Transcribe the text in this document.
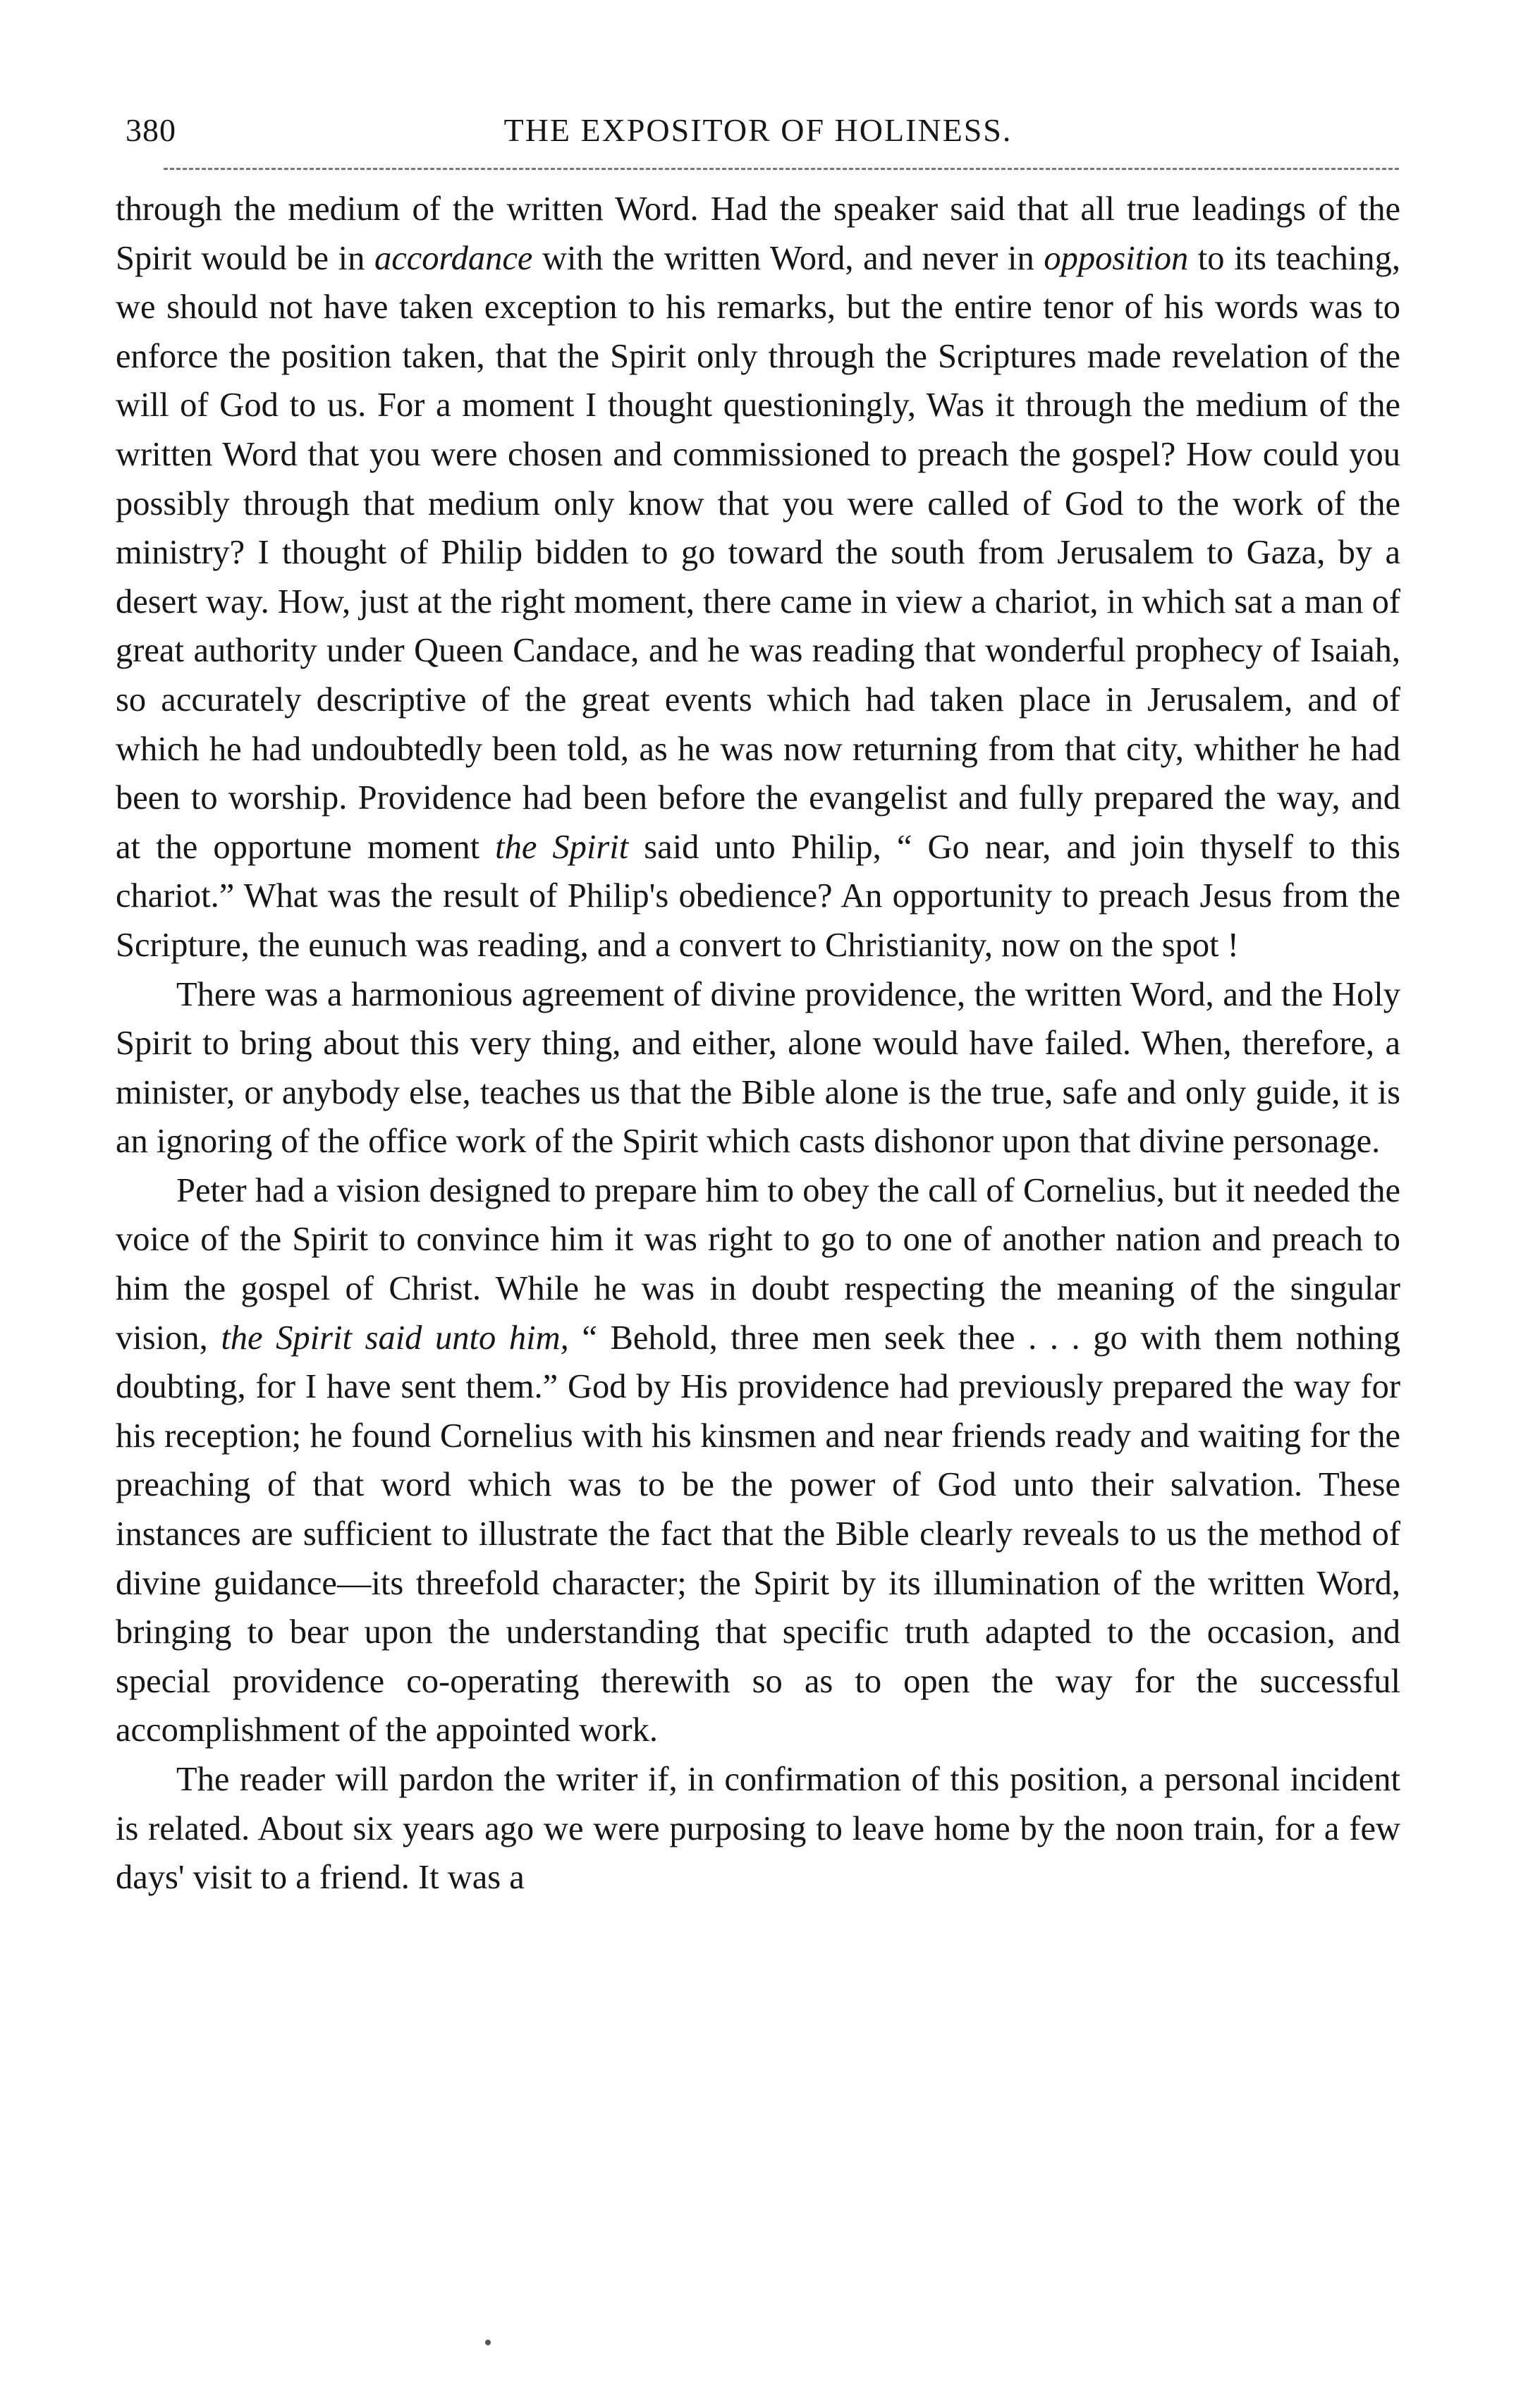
380	THE EXPOSITOR OF HOLINESS.

through the medium of the written Word. Had the speaker said that all true leadings of the Spirit would be in accordance with the written Word, and never in opposition to its teaching, we should not have taken exception to his remarks, but the entire tenor of his words was to enforce the position taken, that the Spirit only through the Scriptures made revelation of the will of God to us. For a moment I thought questioningly, Was it through the medium of the written Word that you were chosen and commissioned to preach the gospel? How could you possibly through that medium only know that you were called of God to the work of the ministry? I thought of Philip bidden to go toward the south from Jerusalem to Gaza, by a desert way. How, just at the right moment, there came in view a chariot, in which sat a man of great authority under Queen Candace, and he was reading that wonderful prophecy of Isaiah, so accurately descriptive of the great events which had taken place in Jerusalem, and of which he had undoubtedly been told, as he was now returning from that city, whither he had been to worship. Providence had been before the evangelist and fully prepared the way, and at the opportune moment the Spirit said unto Philip, “ Go near, and join thyself to this chariot.” What was the result of Philip's obedience? An opportunity to preach Jesus from the Scripture, the eunuch was reading, and a convert to Christianity, now on the spot !

There was a harmonious agreement of divine providence, the written Word, and the Holy Spirit to bring about this very thing, and either, alone would have failed. When, therefore, a minister, or anybody else, teaches us that the Bible alone is the true, safe and only guide, it is an ignoring of the office work of the Spirit which casts dishonor upon that divine personage.

Peter had a vision designed to prepare him to obey the call of Cornelius, but it needed the voice of the Spirit to convince him it was right to go to one of another nation and preach to him the gospel of Christ. While he was in doubt respecting the meaning of the singular vision, the Spirit said unto him, “ Behold, three men seek thee . . . go with them nothing doubting, for I have sent them.” God by His providence had previously prepared the way for his reception; he found Cornelius with his kinsmen and near friends ready and waiting for the preaching of that word which was to be the power of God unto their salvation. These instances are sufficient to illustrate the fact that the Bible clearly reveals to us the method of divine guidance—its threefold character; the Spirit by its illumination of the written Word, bringing to bear upon the understanding that specific truth adapted to the occasion, and special providence co-operating therewith so as to open the way for the successful accomplishment of the appointed work.

The reader will pardon the writer if, in confirmation of this position, a personal incident is related. About six years ago we were purposing to leave home by the noon train, for a few days' visit to a friend. It was a
